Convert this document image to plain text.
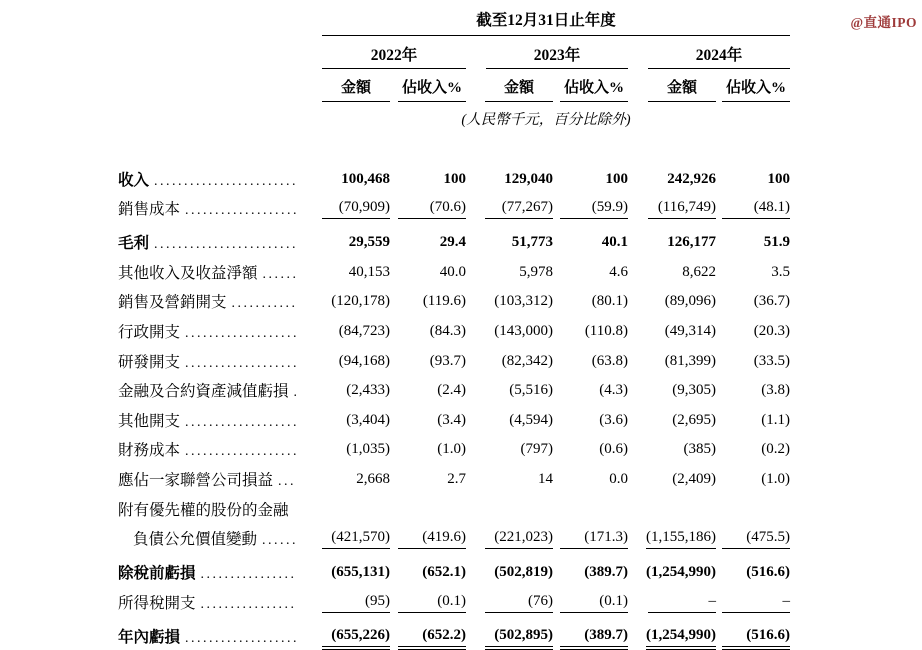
@直通IPO
截至12月31日止年度
2022年	2023年	2024年
金額	佔收入%	金額	佔收入%	金額	佔收入%
(人民幣千元，百分比除外)
收入 .....	100,468	100	129,040	100	242,926	100
銷售成本 .....	(70,909)	(70.6)	(77,267)	(59.9)	(116,749)	(48.1)
毛利 .....	29,559	29.4	51,773	40.1	126,177	51.9
其他收入及收益淨額 .....	40,153	40.0	5,978	4.6	8,622	3.5
銷售及營銷開支 .....	(120,178)	(119.6)	(103,312)	(80.1)	(89,096)	(36.7)
行政開支 .....	(84,723)	(84.3)	(143,000)	(110.8)	(49,314)	(20.3)
研發開支 .....	(94,168)	(93.7)	(82,342)	(63.8)	(81,399)	(33.5)
金融及合約資產減值虧損 .....	(2,433)	(2.4)	(5,516)	(4.3)	(9,305)	(3.8)
其他開支 .....	(3,404)	(3.4)	(4,594)	(3.6)	(2,695)	(1.1)
財務成本 .....	(1,035)	(1.0)	(797)	(0.6)	(385)	(0.2)
應佔一家聯營公司損益 .....	2,668	2.7	14	0.0	(2,409)	(1.0)
附有優先權的股份的金融
負債公允價值變動 .....	(421,570)	(419.6)	(221,023)	(171.3)	(1,155,186)	(475.5)
除稅前虧損 .....	(655,131)	(652.1)	(502,819)	(389.7)	(1,254,990)	(516.6)
所得稅開支 .....	(95)	(0.1)	(76)	(0.1)	–	–
年內虧損 .....	(655,226)	(652.2)	(502,895)	(389.7)	(1,254,990)	(516.6)
